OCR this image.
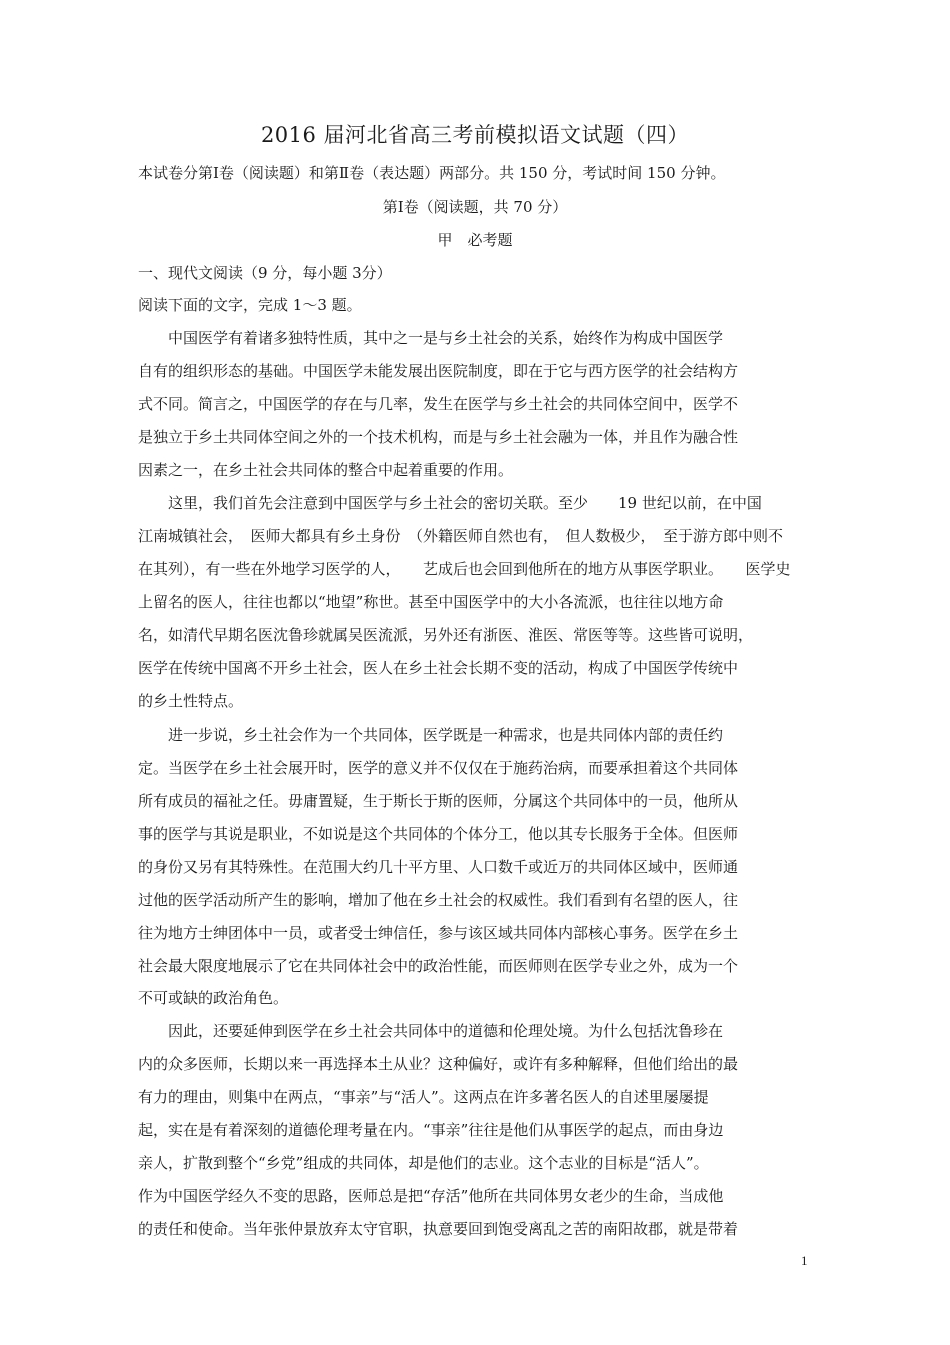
2016 届河北省高三考前模拟语文试题（四）
本试卷分第Ⅰ卷（阅读题）和第Ⅱ卷（表达题）两部分。共 150 分，考试时间 150 分钟。
第Ⅰ卷（阅读题，共 70 分）
甲　必考题
一、现代文阅读（9 分，每小题 3分）
阅读下面的文字，完成 1～3 题。
　　中国医学有着诸多独特性质，其中之一是与乡土社会的关系，始终作为构成中国医学
自有的组织形态的基础。中国医学未能发展出医院制度，即在于它与西方医学的社会结构方
式不同。简言之，中国医学的存在与几率，发生在医学与乡土社会的共同体空间中，医学不
是独立于乡土共同体空间之外的一个技术机构，而是与乡土社会融为一体，并且作为融合性
因素之一，在乡土社会共同体的整合中起着重要的作用。
　　这里，我们首先会注意到中国医学与乡土社会的密切关联。至少　　19 世纪以前，在中国
江南城镇社会，　医师大都具有乡土身份　（外籍医师自然也有，　但人数极少，　至于游方郎中则不
在其列），有一些在外地学习医学的人，　　艺成后也会回到他所在的地方从事医学职业。　　医学史
上留名的医人，往往也都以“地望”称世。甚至中国医学中的大小各流派，也往往以地方命
名，如清代早期名医沈鲁珍就属吴医流派，另外还有浙医、淮医、常医等等。这些皆可说明，
医学在传统中国离不开乡土社会，医人在乡土社会长期不变的活动，构成了中国医学传统中
的乡土性特点。
　　进一步说，乡土社会作为一个共同体，医学既是一种需求，也是共同体内部的责任约
定。当医学在乡土社会展开时，医学的意义并不仅仅在于施药治病，而要承担着这个共同体
所有成员的福祉之任。毋庸置疑，生于斯长于斯的医师，分属这个共同体中的一员，他所从
事的医学与其说是职业，不如说是这个共同体的个体分工，他以其专长服务于全体。但医师
的身份又另有其特殊性。在范围大约几十平方里、人口数千或近万的共同体区域中，医师通
过他的医学活动所产生的影响，增加了他在乡土社会的权威性。我们看到有名望的医人，往
往为地方士绅团体中一员，或者受士绅信任，参与该区域共同体内部核心事务。医学在乡土
社会最大限度地展示了它在共同体社会中的政治性能，而医师则在医学专业之外，成为一个
不可或缺的政治角色。
　　因此，还要延伸到医学在乡土社会共同体中的道德和伦理处境。为什么包括沈鲁珍在
内的众多医师，长期以来一再选择本土从业？这种偏好，或许有多种解释，但他们给出的最
有力的理由，则集中在两点，“事亲”与“活人”。这两点在许多著名医人的自述里屡屡提
起，实在是有着深刻的道德伦理考量在内。“事亲”往往是他们从事医学的起点，而由身边
亲人，扩散到整个“乡党”组成的共同体，却是他们的志业。这个志业的目标是“活人”。
作为中国医学经久不变的思路，医师总是把“存活”他所在共同体男女老少的生命，当成他
的责任和使命。当年张仲景放弃太守官职，执意要回到饱受离乱之苦的南阳故郡，就是带着
1
